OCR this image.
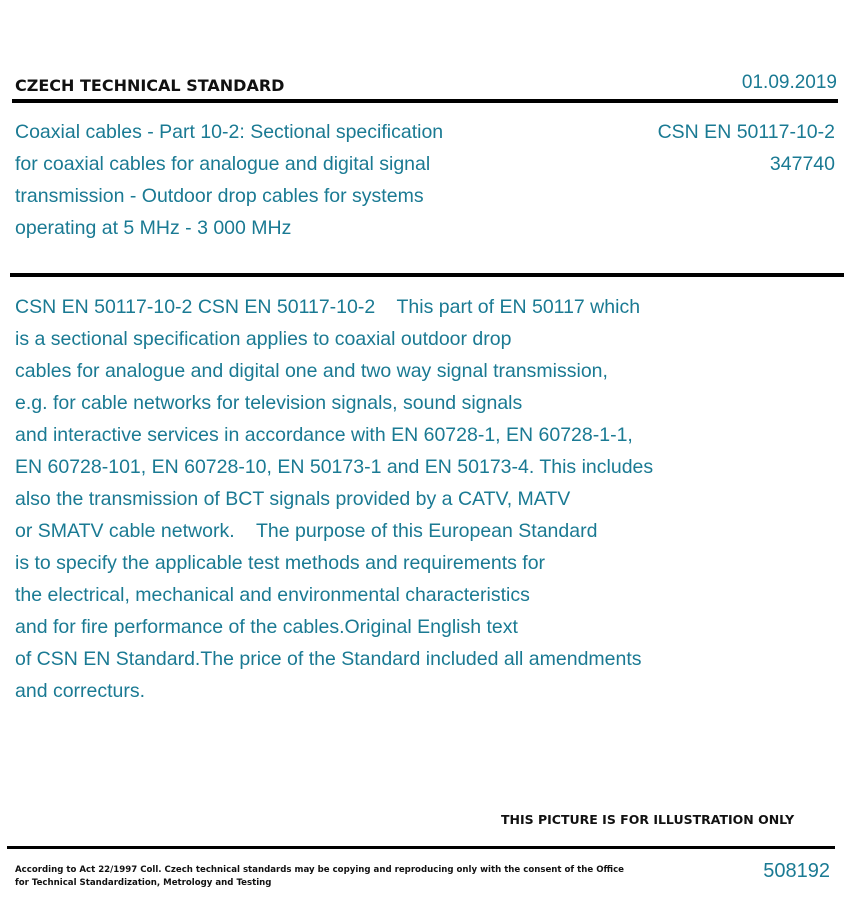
CZECH TECHNICAL STANDARD	01.09.2019
Coaxial cables - Part 10-2: Sectional specification
for coaxial cables for analogue and digital signal
transmission - Outdoor drop cables for systems
operating at 5 MHz - 3 000 MHz
CSN EN 50117-10-2
347740
CSN EN 50117-10-2 CSN EN 50117-10-2    This part of EN 50117 which
is a sectional specification applies to coaxial outdoor drop
cables for analogue and digital one and two way signal transmission,
e.g. for cable networks for television signals, sound signals
and interactive services in accordance with EN 60728-1, EN 60728-1-1,
EN 60728-101, EN 60728-10, EN 50173-1 and EN 50173-4. This includes
also the transmission of BCT signals provided by a CATV, MATV
or SMATV cable network.    The purpose of this European Standard
is to specify the applicable test methods and requirements for
the electrical, mechanical and environmental characteristics
and for fire performance of the cables.Original English text
of CSN EN Standard.The price of the Standard included all amendments
and correcturs.
THIS PICTURE IS FOR ILLUSTRATION ONLY
According to Act 22/1997 Coll. Czech technical standards may be copying and reproducing only with the consent of the Office
for Technical Standardization, Metrology and Testing
508192
